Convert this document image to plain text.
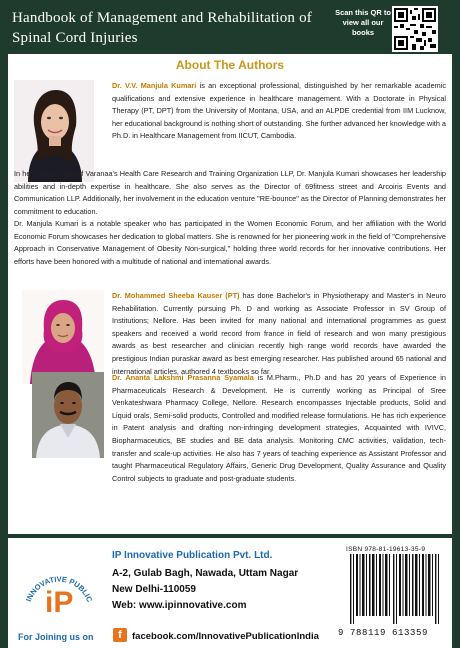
Handbook of Management and Rehabilitation of Spinal Cord Injuries
Scan this QR to view all our books
About The Authors
Dr. V.V. Manjula Kumari is an exceptional professional, distinguished by her remarkable academic qualifications and extensive experience in healthcare management. With a Doctorate in Physical Therapy (PT, DPT) from the University of Montana, USA, and an ALPDE credential from IIM Lucknow, her educational background is nothing short of outstanding. She further advanced her knowledge with a Ph.D. in Healthcare Management from IICUT, Cambodia.
In her role as CEO of Varanaa's Health Care Research and Training Organization LLP, Dr. Manjula Kumari showcases her leadership abilities and in-depth expertise in healthcare. She also serves as the Director of 69fitness street and Arcoiris Events and Communication LLP. Additionally, her involvement in the education venture "RE-bounce" as the Director of Planning demonstrates her commitment to education.
Dr. Manjula Kumari is a notable speaker who has participated in the Women Economic Forum, and her affiliation with the World Economic Forum showcases her dedication to global matters. She is renowned for her pioneering work in the field of "Comprehensive Approach in Conservative Management of Obesity Non-surgical," holding three world records for her innovative contributions. Her efforts have been honored with a multitude of national and international awards.
Dr. Mohammed Sheeba Kauser (PT) has done Bachelor's in Physiotherapy and Master's in Neuro Rehabilitation. Currently pursuing Ph. D and working as Associate Professor in SV Group of Institutions; Nellore. Has been invited for many national and international programmes as guest speakers and received a world record from france in field of research and won many prestigious awards as best researcher and clinician recently high range world records have awarded the prestigious Indian puraskar award as best emerging researcher. Has published around 65 national and international articles, authored 4 textbooks so far.
Dr. Ananta Lakshmi Prasanna Syamala is M.Pharm., Ph.D and has 20 years of Experience in Pharmaceuticals Research & Development. He is currently working as Principal of Sree Venkateshwara Pharmacy College, Nellore. Research encompasses Injectable products, Solid and Liquid orals, Semi-solid products, Controlled and modified release formulations. He has rich experience in Patent analysis and drafting non-infringing development strategies, Acquainted with IVIVC, Biopharmaceutics, BE studies and BE data analysis. Monitoring CMC activities, validation, tech-transfer and scale-up activities. He also has 7 years of teaching experience as Assistant Professor and taught Pharmaceutical Regulatory Affairs, Generic Drug Development, Quality Assurance and Quality Control subjects to graduate and post-graduate students.
INNOVATIVE PUBLIC
iP
IP Innovative Publication Pvt. Ltd.
A-2, Gulab Bagh, Nawada, Uttam Nagar
New Delhi-110059
Web: www.ipinnovative.com
For Joining us on	f	facebook.com/InnovativePublicationIndia
ISBN 978-81-19613-35-9
9 788119 613359
